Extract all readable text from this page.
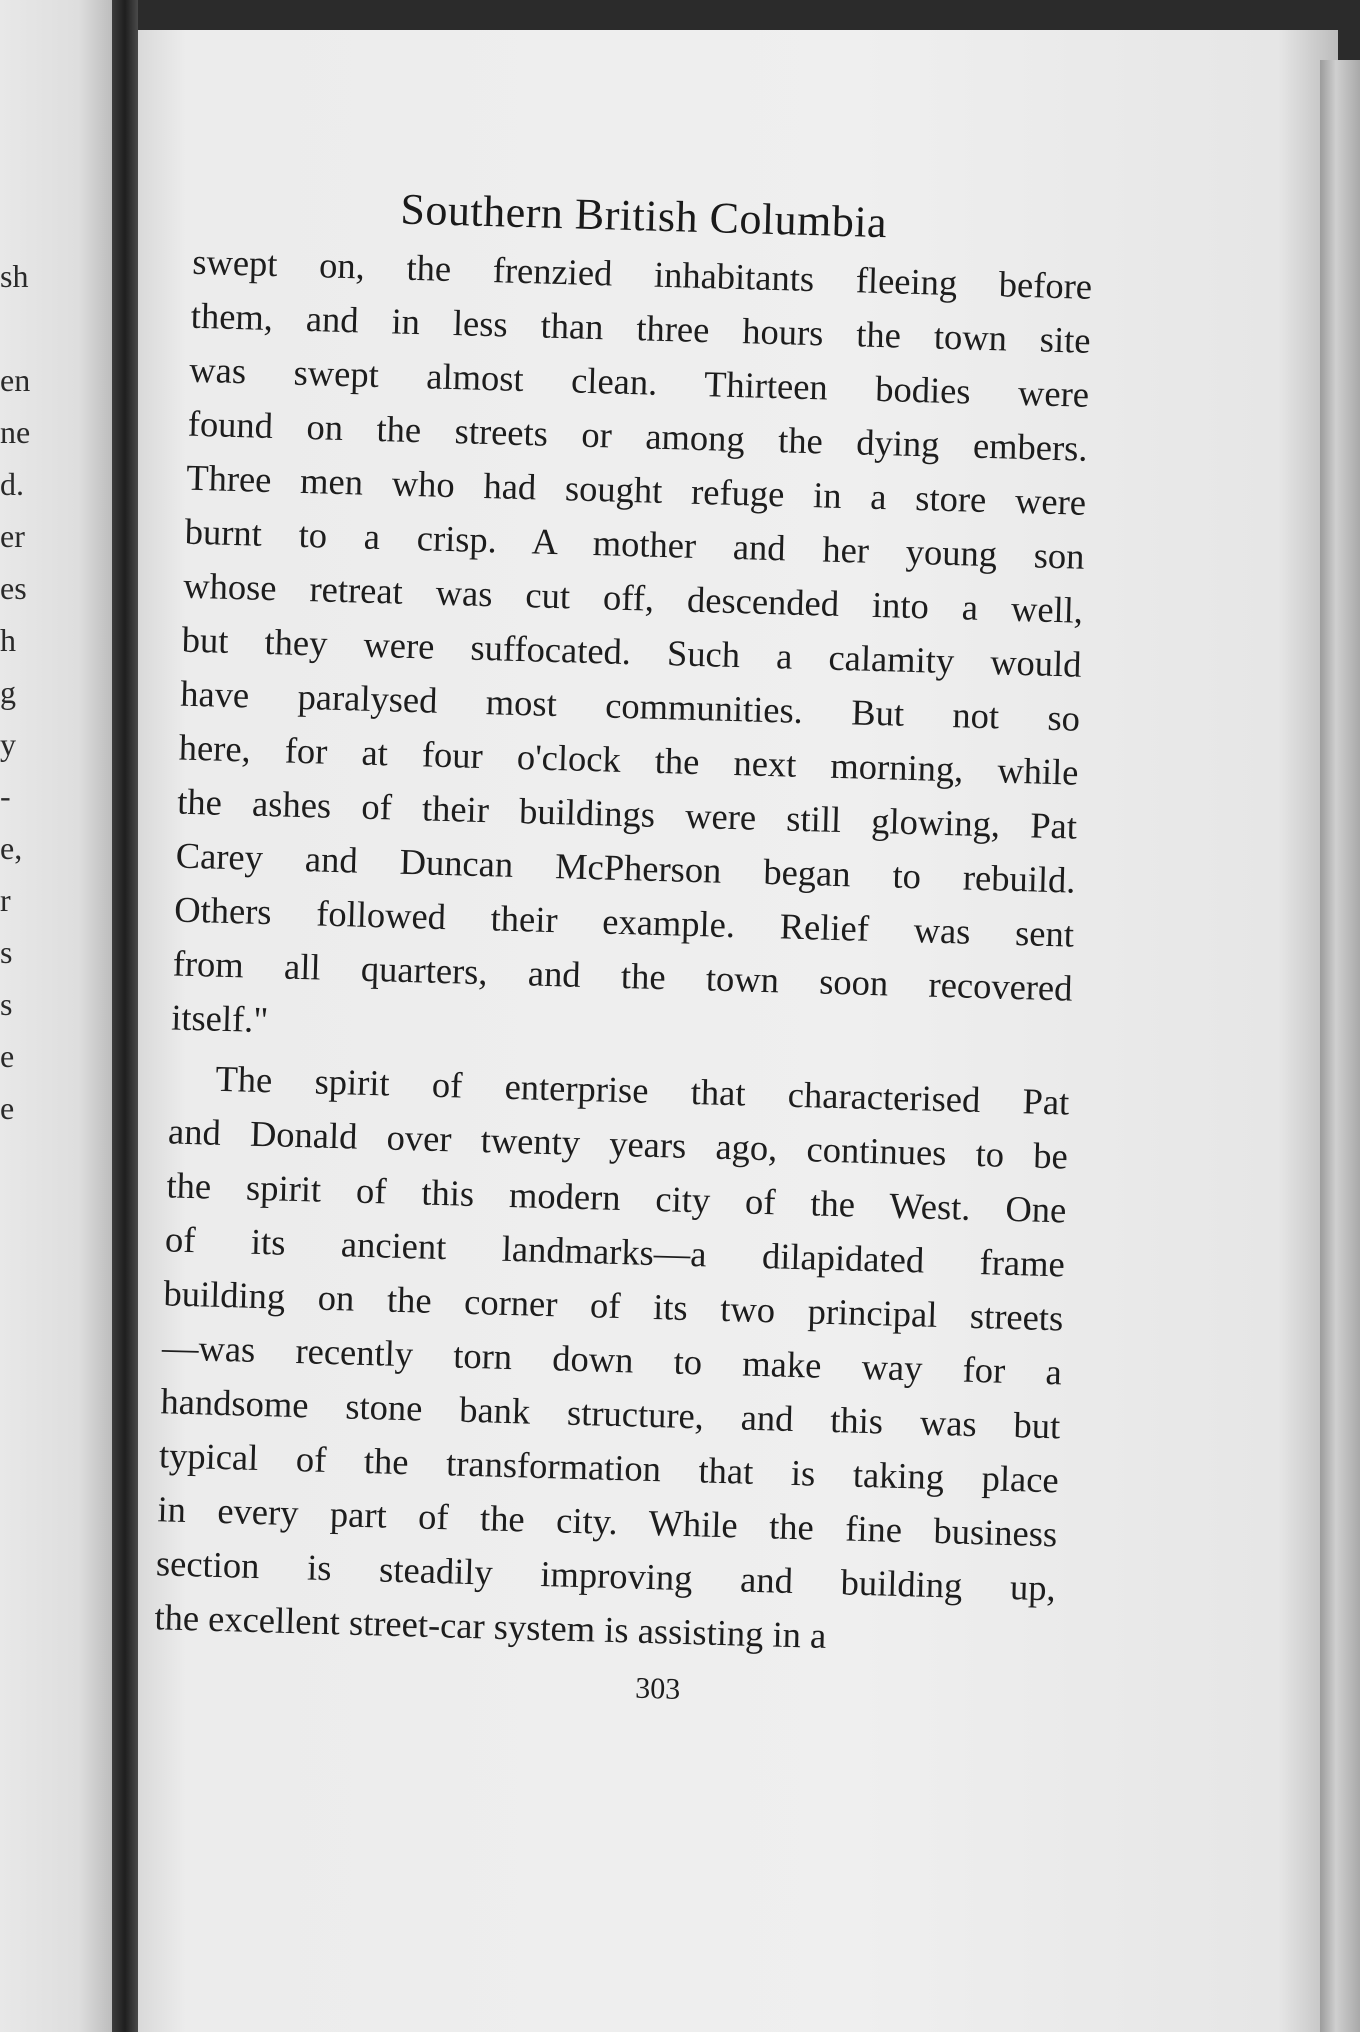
sh
en
ne
d.
er
es
h
g
y
-
e,
r
s
s
e
e
Southern British Columbia

swept on, the frenzied inhabitants fleeing before
them, and in less than three hours the town site
was swept almost clean. Thirteen bodies were
found on the streets or among the dying embers.
Three men who had sought refuge in a store were
burnt to a crisp. A mother and her young son
whose retreat was cut off, descended into a well,
but they were suffocated. Such a calamity would
have paralysed most communities. But not so
here, for at four o'clock the next morning, while
the ashes of their buildings were still glowing, Pat
Carey and Duncan McPherson began to rebuild.
Others followed their example. Relief was sent
from all quarters, and the town soon recovered
itself."

The spirit of enterprise that characterised Pat
and Donald over twenty years ago, continues to be
the spirit of this modern city of the West. One
of its ancient landmarks—a dilapidated frame
building on the corner of its two principal streets
—was recently torn down to make way for a
handsome stone bank structure, and this was but
typical of the transformation that is taking place
in every part of the city. While the fine business
section is steadily improving and building up,
the excellent street-car system is assisting in a

303
